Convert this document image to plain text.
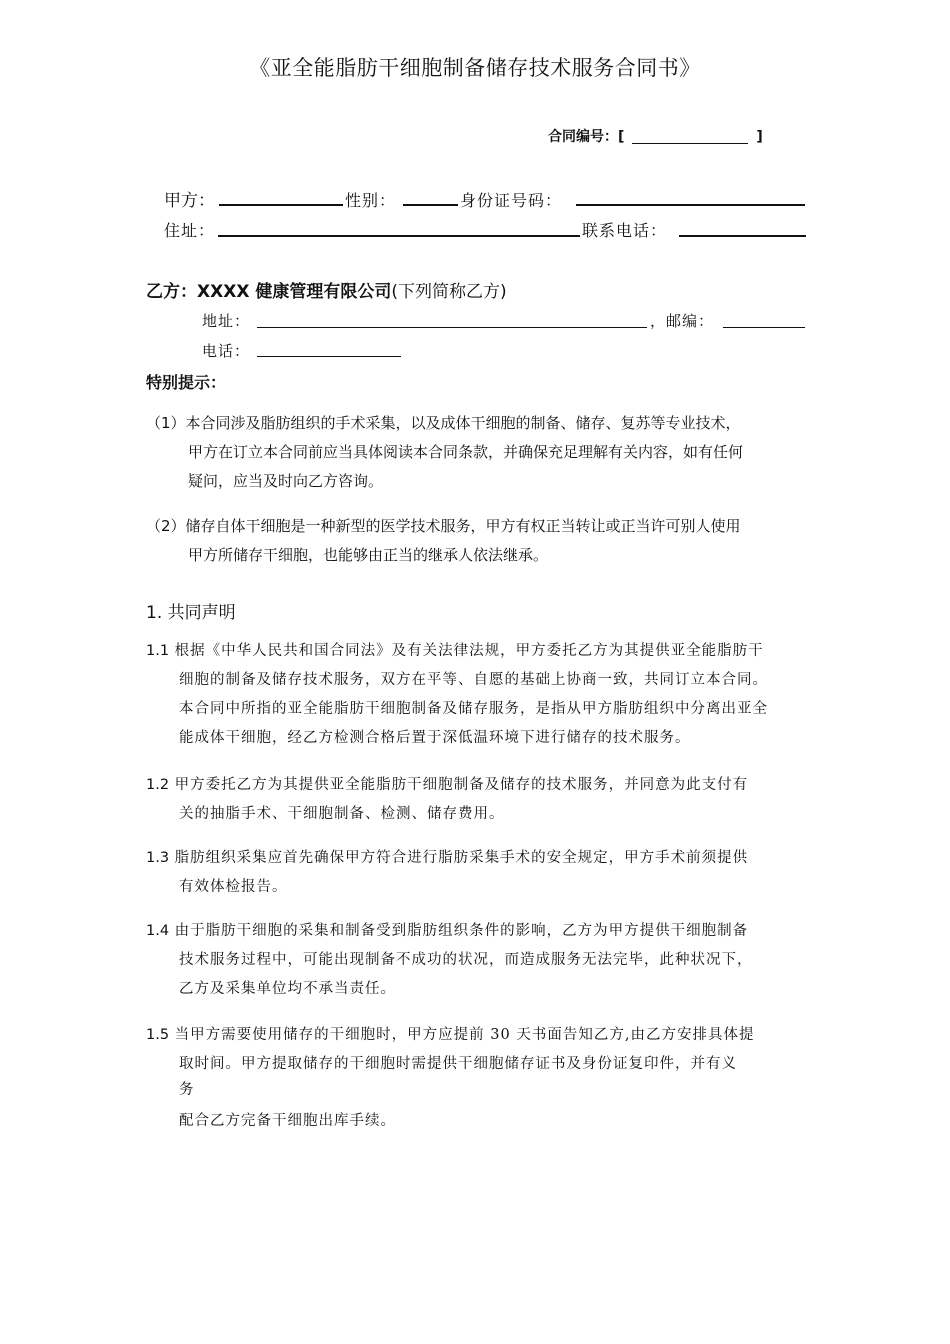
《亚全能脂肪干细胞制备储存技术服务合同书》
合同编号：[	]
甲方：	性别：	身份证号码：
住址：	联系电话：
乙方：XXXX 健康管理有限公司(下列简称乙方)
地址：	，邮编：
电话：
特别提示：
（1）本合同涉及脂肪组织的手术采集，以及成体干细胞的制备、储存、复苏等专业技术，
甲方在订立本合同前应当具体阅读本合同条款，并确保充足理解有关内容，如有任何
疑问，应当及时向乙方咨询。
（2）储存自体干细胞是一种新型的医学技术服务，甲方有权正当转让或正当许可别人使用
甲方所储存干细胞，也能够由正当的继承人依法继承。
1. 共同声明
1.1 根据《中华人民共和国合同法》及有关法律法规，甲方委托乙方为其提供亚全能脂肪干
细胞的制备及储存技术服务，双方在平等、自愿的基础上协商一致，共同订立本合同。
本合同中所指的亚全能脂肪干细胞制备及储存服务，是指从甲方脂肪组织中分离出亚全
能成体干细胞，经乙方检测合格后置于深低温环境下进行储存的技术服务。
1.2 甲方委托乙方为其提供亚全能脂肪干细胞制备及储存的技术服务，并同意为此支付有
关的抽脂手术、干细胞制备、检测、储存费用。
1.3 脂肪组织采集应首先确保甲方符合进行脂肪采集手术的安全规定，甲方手术前须提供
有效体检报告。
1.4 由于脂肪干细胞的采集和制备受到脂肪组织条件的影响，乙方为甲方提供干细胞制备
技术服务过程中，可能出现制备不成功的状况，而造成服务无法完毕，此种状况下，
乙方及采集单位均不承当责任。
1.5 当甲方需要使用储存的干细胞时，甲方应提前 30 天书面告知乙方,由乙方安排具体提
取时间。甲方提取储存的干细胞时需提供干细胞储存证书及身份证复印件，并有义
务
配合乙方完备干细胞出库手续。
